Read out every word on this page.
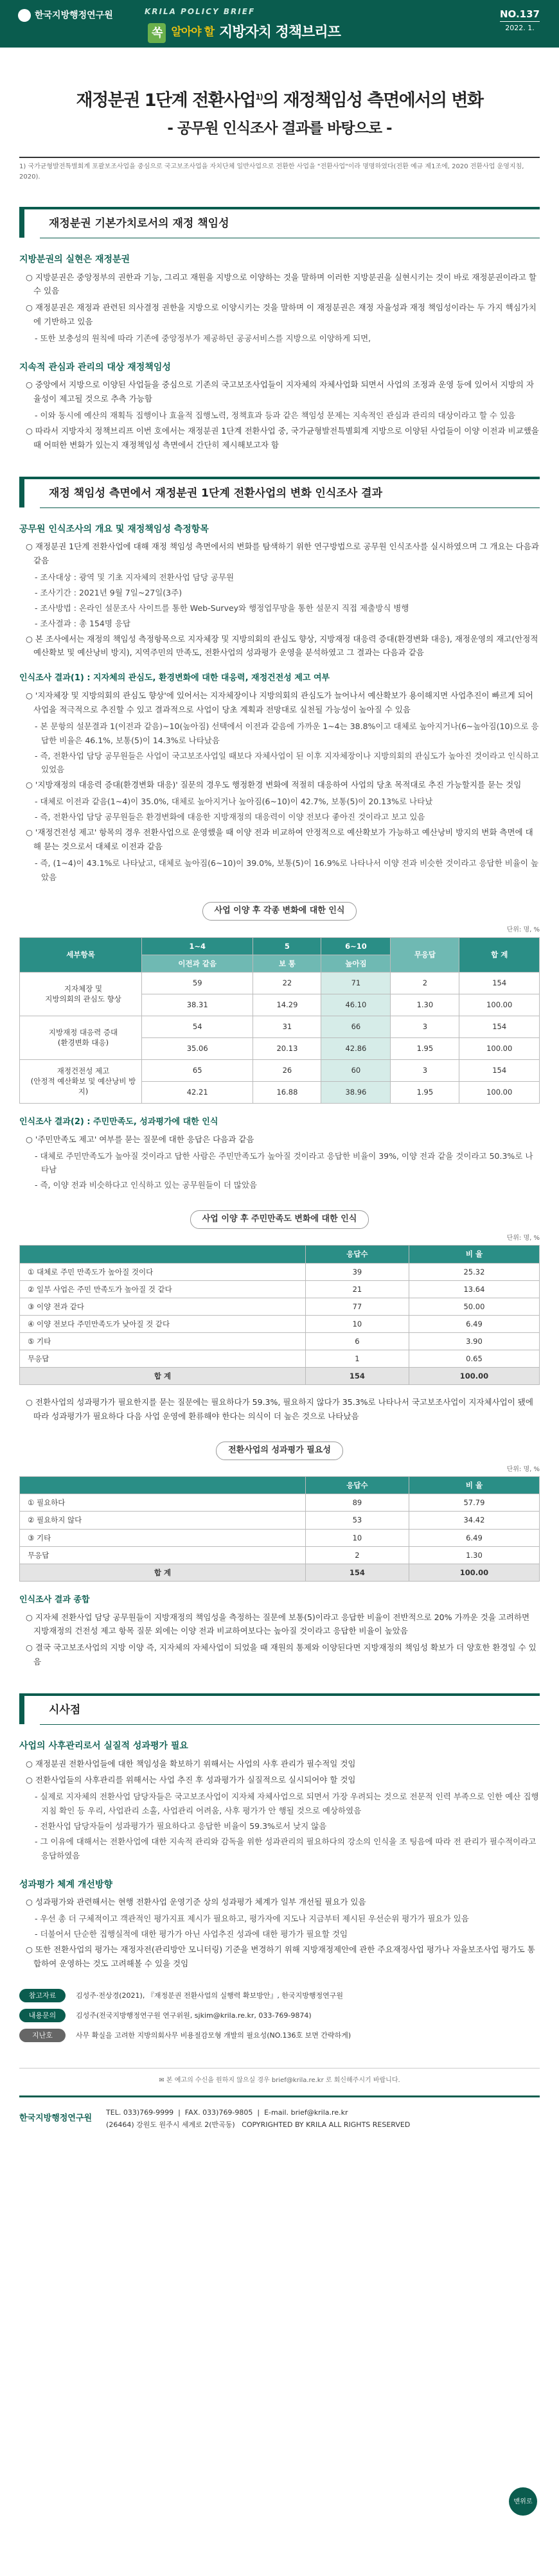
한국지방행정연구원	KRILA POLICY BRIEF
쏙 알아야 할 지방자치 정책브리프
NO.137
2022. 1.
재정분권 1단계 전환사업$^{1)}$의 재정책임성 측면에서의 변화
- 공무원 인식조사 결과를 바탕으로 -
1) 국가균형발전특별회계 포괄보조사업을 중심으로 국고보조사업을 자치단체 일반사업으로 전환한 사업을 "전환사업"이라 명명하였다(전환 예규 제1조에, 2020 전환사업 운영지침, 2020).
재정분권 기본가치로서의 재정 책임성
지방분권의 실현은 재정분권

○ 지방분권은 중앙정부의 권한과 기능, 그리고 재원을 지방으로 이양하는 것을 말하며 이러한 지방분권을 실현시키는 것이 바로 재정분권이라고 할 수 있음

○ 재정분권은 재정과 관련된 의사결정 권한을 지방으로 이양시키는 것을 말하며 이 재정분권은 재정 자율성과 재정 책임성이라는 두 가지 핵심가치에 기반하고 있음

- 또한 보충성의 원칙에 따라 기존에 중앙정부가 제공하던 공공서비스를 지방으로 이양하게 되면,

지속적 관심과 관리의 대상 재정책임성

○ 중앙에서 지방으로 이양된 사업들을 중심으로 기존의 국고보조사업들이 지자체의 자체사업화 되면서 사업의 조정과 운영 등에 있어서 지방의 자율성이 제고될 것으로 추측 가능함

- 이와 동시에 예산의 재획득 집행이나 효율적 집행노력, 정책효과 등과 같은 책임성 문제는 지속적인 관심과 관리의 대상이라고 할 수 있음

○ 따라서 지방자치 정책브리프 이번 호에서는 재정분권 1단계 전환사업 중, 국가균형발전특별회계 지방으로 이양된 사업들이 이양 이전과 비교했을 때 어떠한 변화가 있는지 재정책임성 측면에서 간단히 제시해보고자 함

재정 책임성 측면에서 재정분권 1단계 전환사업의 변화 인식조사 결과
공무원 인식조사의 개요 및 재정책임성 측정항목

○ 재정분권 1단계 전환사업에 대해 재정 책임성 측면에서의 변화를 탐색하기 위한 연구방법으로 공무원 인식조사를 실시하였으며 그 개요는 다음과 같음

- 조사대상 : 광역 및 기초 지자체의 전환사업 담당 공무원

- 조사기간 : 2021년 9월 7일~27일(3주)

- 조사방법 : 온라인 설문조사 사이트를 통한 Web-Survey와 행정업무망을 통한 설문지 직접 제출방식 병행

- 조사결과 : 총 154명 응답

○ 본 조사에서는 재정의 책임성 측정항목으로 지자체장 및 지방의회의 관심도 향상, 지방재정 대응력 증대(환경변화 대응), 재정운영의 재고(안정적 예산확보 및 예산낭비 방지), 지역주민의 만족도, 전환사업의 성과평가 운영을 분석하였고 그 결과는 다음과 같음

인식조사 결과(1) : 지자체의 관심도, 환경변화에 대한 대응력, 재정건전성 제고 여부

○ '지자체장 및 지방의회의 관심도 향상'에 있어서는 지자체장이나 지방의회의 관심도가 늘어나서 예산확보가 용이해지면 사업추진이 빠르게 되어 사업을 적극적으로 추진할 수 있고 결과적으로 사업이 당초 계획과 전망대로 실천될 가능성이 높아질 수 있음

- 본 문항의 설문결과 1(이전과 같음)~10(높아짐) 선택에서 이전과 같음에 가까운 1~4는 38.8%이고 대체로 높아지거나(6~높아짐(10)으로 응답한 비율은 46.1%, 보통(5)이 14.3%로 나타났음

- 즉, 전환사업 담당 공무원들은 사업이 국고보조사업일 때보다 자체사업이 된 이후 지자체장이나 지방의회의 관심도가 높아진 것이라고 인식하고 있었음

○ '지방재정의 대응력 증대(환경변화 대응)' 질문의 경우도 행정환경 변화에 적절히 대응하여 사업의 당초 목적대로 추진 가능할지를 묻는 것임

- 대체로 이전과 같음(1~4)이 35.0%, 대체로 높아지거나 높아짐(6~10)이 42.7%, 보통(5)이 20.13%로 나타났

- 즉, 전환사업 담당 공무원들은 환경변화에 대응한 지방재정의 대응력이 이양 전보다 좋아진 것이라고 보고 있음

○ '재정건전성 제고' 항목의 경우 전환사업으로 운영했을 때 이양 전과 비교하여 안정적으로 예산확보가 가능하고 예산낭비 방지의 변화 측면에 대해 묻는 것으로서 대체로 이전과 같음

- 즉, (1~4)이 43.1%로 나타났고, 대체로 높아짐(6~10)이 39.0%, 보통(5)이 16.9%로 나타나서 이양 전과 비슷한 것이라고 응답한 비율이 높았음

사업 이양 후 각종 변화에 대한 인식
단위: 명, %
세부항목	1~4	5	6~10	무응답	합 계
	이전과 같음	보 통	높아짐		
지자체장 및
지방의회의 관심도 향상	59	22	71	2	154
	38.31	14.29	46.10	1.30	100.00
지방재정 대응력 증대
(환경변화 대응)	54	31	66	3	154
	35.06	20.13	42.86	1.95	100.00
재정건전성 제고
(안정적 예산확보 및 예산낭비 방지)	65	26	60	3	154
	42.21	16.88	38.96	1.95	100.00
인식조사 결과(2) : 주민만족도, 성과평가에 대한 인식

○ '주민만족도 제고' 여부를 묻는 질문에 대한 응답은 다음과 같음

- 대체로 주민만족도가 높아질 것이라고 답한 사람은 주민만족도가 높아질 것이라고 응답한 비율이 39%, 이양 전과 같을 것이라고 50.3%로 나타남

- 즉, 이양 전과 비슷하다고 인식하고 있는 공무원들이 더 많았음

사업 이양 후 주민만족도 변화에 대한 인식
단위: 명, %
	응답수	비 율
① 대체로 주민 만족도가 높아질 것이다	39	25.32
② 일부 사업은 주민 만족도가 높아질 것 같다	21	13.64
③ 이양 전과 같다	77	50.00
④ 이양 전보다 주민만족도가 낮아질 것 같다	10	6.49
⑤ 기타	6	3.90
무응답	1	0.65
합 계	154	100.00

○ 전환사업의 성과평가가 필요한지를 묻는 질문에는 필요하다가 59.3%, 필요하지 않다가 35.3%로 나타나서 국고보조사업이 지자체사업이 됐에 따라 성과평가가 필요하다 다음 사업 운영에 환류해야 한다는 의식이 더 높은 것으로 나타났음

전환사업의 성과평가 필요성
단위: 명, %
	응답수	비 율
① 필요하다	89	57.79
② 필요하지 않다	53	34.42
③ 기타	10	6.49
무응답	2	1.30
합 계	154	100.00
인식조사 결과 종합

○ 지자체 전환사업 담당 공무원들이 지방재정의 책임성을 측정하는 질문에 보통(5)이라고 응답한 비율이 전반적으로 20% 가까운 것을 고려하면 지방재정의 건전성 제고 항목 질문 외에는 이양 전과 비교하여보다는 높아질 것이라고 응답한 비율이 높았음

○ 결국 국고보조사업의 지방 이양 즉, 지자체의 자체사업이 되었을 때 재원의 통제와 이양된다면 지방재정의 책임성 확보가 더 양호한 환경일 수 있음

시사점
사업의 사후관리로서 실질적 성과평가 필요

○ 재정분권 전환사업들에 대한 책임성을 확보하기 위해서는 사업의 사후 관리가 필수적일 것임

○ 전환사업들의 사후관리를 위해서는 사업 추진 후 성과평가가 실질적으로 실시되어야 할 것임

- 실제로 지자체의 전환사업 담당자들은 국고보조사업이 지자체 자체사업으로 되면서 가장 우려되는 것으로 전문적 인력 부족으로 인한 예산 집행지침 확인 등 우리, 사업관리 소홀, 사업관리 어려움, 사후 평가가 안 행될 것으로 예상하였음

- 전환사업 담당자들이 성과평가가 필요하다고 응답한 비율이 59.3%로서 낮지 않음

- 그 이유에 대해서는 전환사업에 대한 지속적 관리와 감독을 위한 성과관리의 필요하다의 강소의 인식을 조 팅음에 따라 전 관리가 필수적이라고 응답하였음

성과평가 체계 개선방향

○ 성과평가와 관련해서는 현행 전환사업 운영기준 상의 성과평가 체계가 일부 개선될 필요가 있음

- 우선 총 더 구체적이고 객관적인 평가지표 제시가 필요하고, 평가자에 지도나 지금부터 제시된 우선순위 평가가 필요가 있음

- 더불어서 단순한 집행실적에 대한 평가가 아닌 사업추진 성과에 대한 평가가 필요할 것임

○ 또한 전환사업의 평가는 재정자전(관리방안 모니터링) 기준을 변경하기 위해 지방재정제안에 관한 주요재정사업 평가나 자율보조사업 평가도 통합하여 운영하는 것도 고려해볼 수 있을 것임

참고자료	김성주·전상경(2021), 『재정분권 전환사업의 실행력 확보방안』, 한국지방행정연구원
내용문의	김성주(전국지방행정연구원 연구위원, sjkim@krila.re.kr, 033-769-9874)
지난호	사무 확실을 고려한 지방의회사무 비용절감모형 개발의 필요성(NO.136호 보면 간략하게)
✉ 본 예고의 수신을 원하지 않으실 경우 brief@krila.re.kr 로 회신해주시기 바랍니다.
한국지방행정연구원
TEL. 033)769-9999  |  FAX. 033)769-9805  |  E-mail. brief@krila.re.kr
(26464) 강원도 원주시 세계로 2(반곡동) COPYRIGHTED BY KRILA ALL RIGHTS RESERVED
맨위로
